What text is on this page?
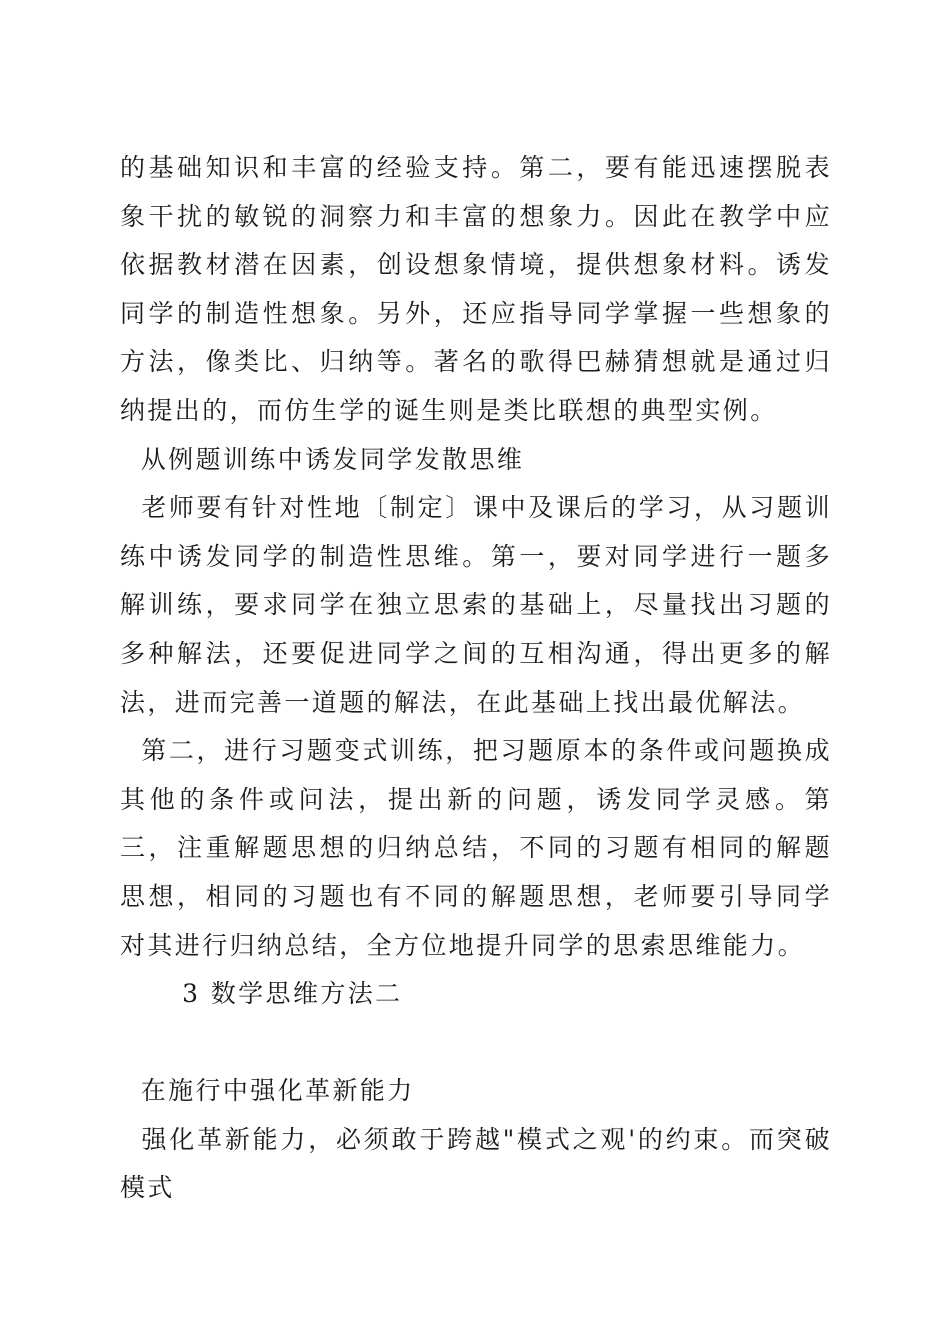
的基础知识和丰富的经验支持。第二，要有能迅速摆脱表象干扰的敏锐的洞察力和丰富的想象力。因此在教学中应依据教材潜在因素，创设想象情境，提供想象材料。诱发同学的制造性想象。另外，还应指导同学掌握一些想象的方法，像类比、归纳等。著名的歌得巴赫猜想就是通过归纳提出的，而仿生学的诞生则是类比联想的典型实例。

从例题训练中诱发同学发散思维

老师要有针对性地〔制定〕课中及课后的学习，从习题训练中诱发同学的制造性思维。第一，要对同学进行一题多解训练，要求同学在独立思索的基础上，尽量找出习题的多种解法，还要促进同学之间的互相沟通，得出更多的解法，进而完善一道题的解法，在此基础上找出最优解法。

第二，进行习题变式训练，把习题原本的条件或问题换成其他的条件或问法，提出新的问题，诱发同学灵感。第三，注重解题思想的归纳总结，不同的习题有相同的解题思想，相同的习题也有不同的解题思想，老师要引导同学对其进行归纳总结，全方位地提升同学的思索思维能力。

3 数学思维方法二

在施行中强化革新能力

强化革新能力，必须敢于跨越"模式之观'的约束。而突破模式
